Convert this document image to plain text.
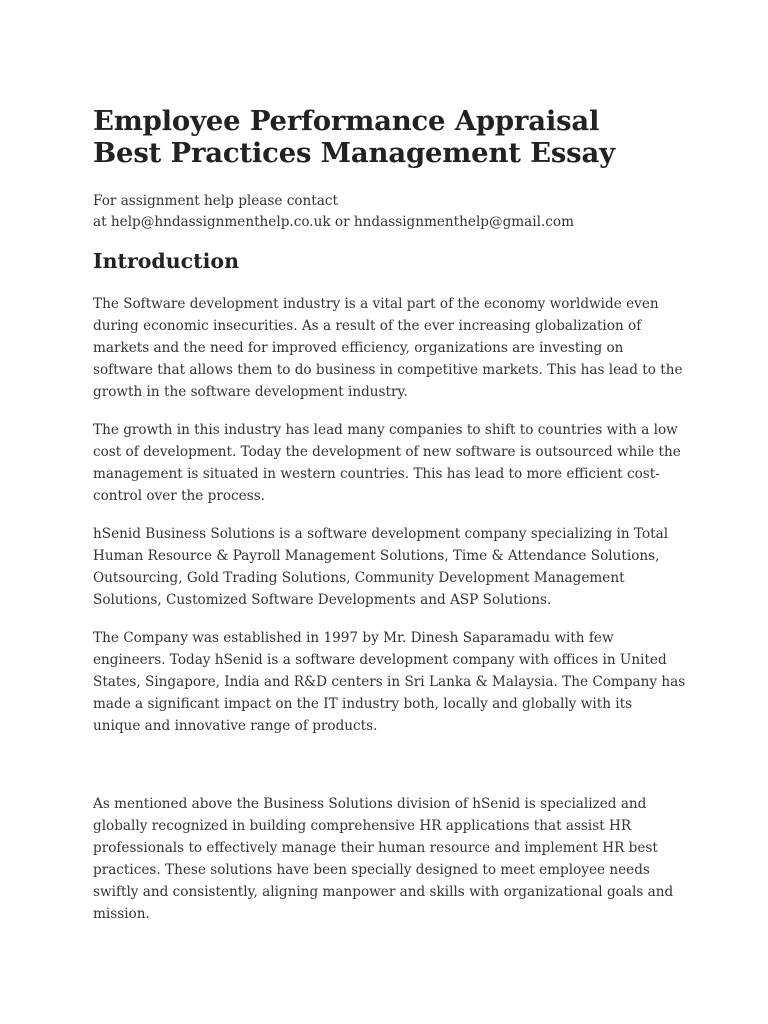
Employee Performance Appraisal
Best Practices Management Essay
For assignment help please contact
at help@hndassignmenthelp.co.uk or hndassignmenthelp@gmail.com
Introduction

The Software development industry is a vital part of the economy worldwide even
during economic insecurities. As a result of the ever increasing globalization of
markets and the need for improved efficiency, organizations are investing on
software that allows them to do business in competitive markets. This has lead to the
growth in the software development industry.

The growth in this industry has lead many companies to shift to countries with a low
cost of development. Today the development of new software is outsourced while the
management is situated in western countries. This has lead to more efficient cost-
control over the process.

hSenid Business Solutions is a software development company specializing in Total
Human Resource & Payroll Management Solutions, Time & Attendance Solutions,
Outsourcing, Gold Trading Solutions, Community Development Management
Solutions, Customized Software Developments and ASP Solutions.

The Company was established in 1997 by Mr. Dinesh Saparamadu with few
engineers. Today hSenid is a software development company with offices in United
States, Singapore, India and R&D centers in Sri Lanka & Malaysia. The Company has
made a significant impact on the IT industry both, locally and globally with its
unique and innovative range of products.

As mentioned above the Business Solutions division of hSenid is specialized and
globally recognized in building comprehensive HR applications that assist HR
professionals to effectively manage their human resource and implement HR best
practices. These solutions have been specially designed to meet employee needs
swiftly and consistently, aligning manpower and skills with organizational goals and
mission.
